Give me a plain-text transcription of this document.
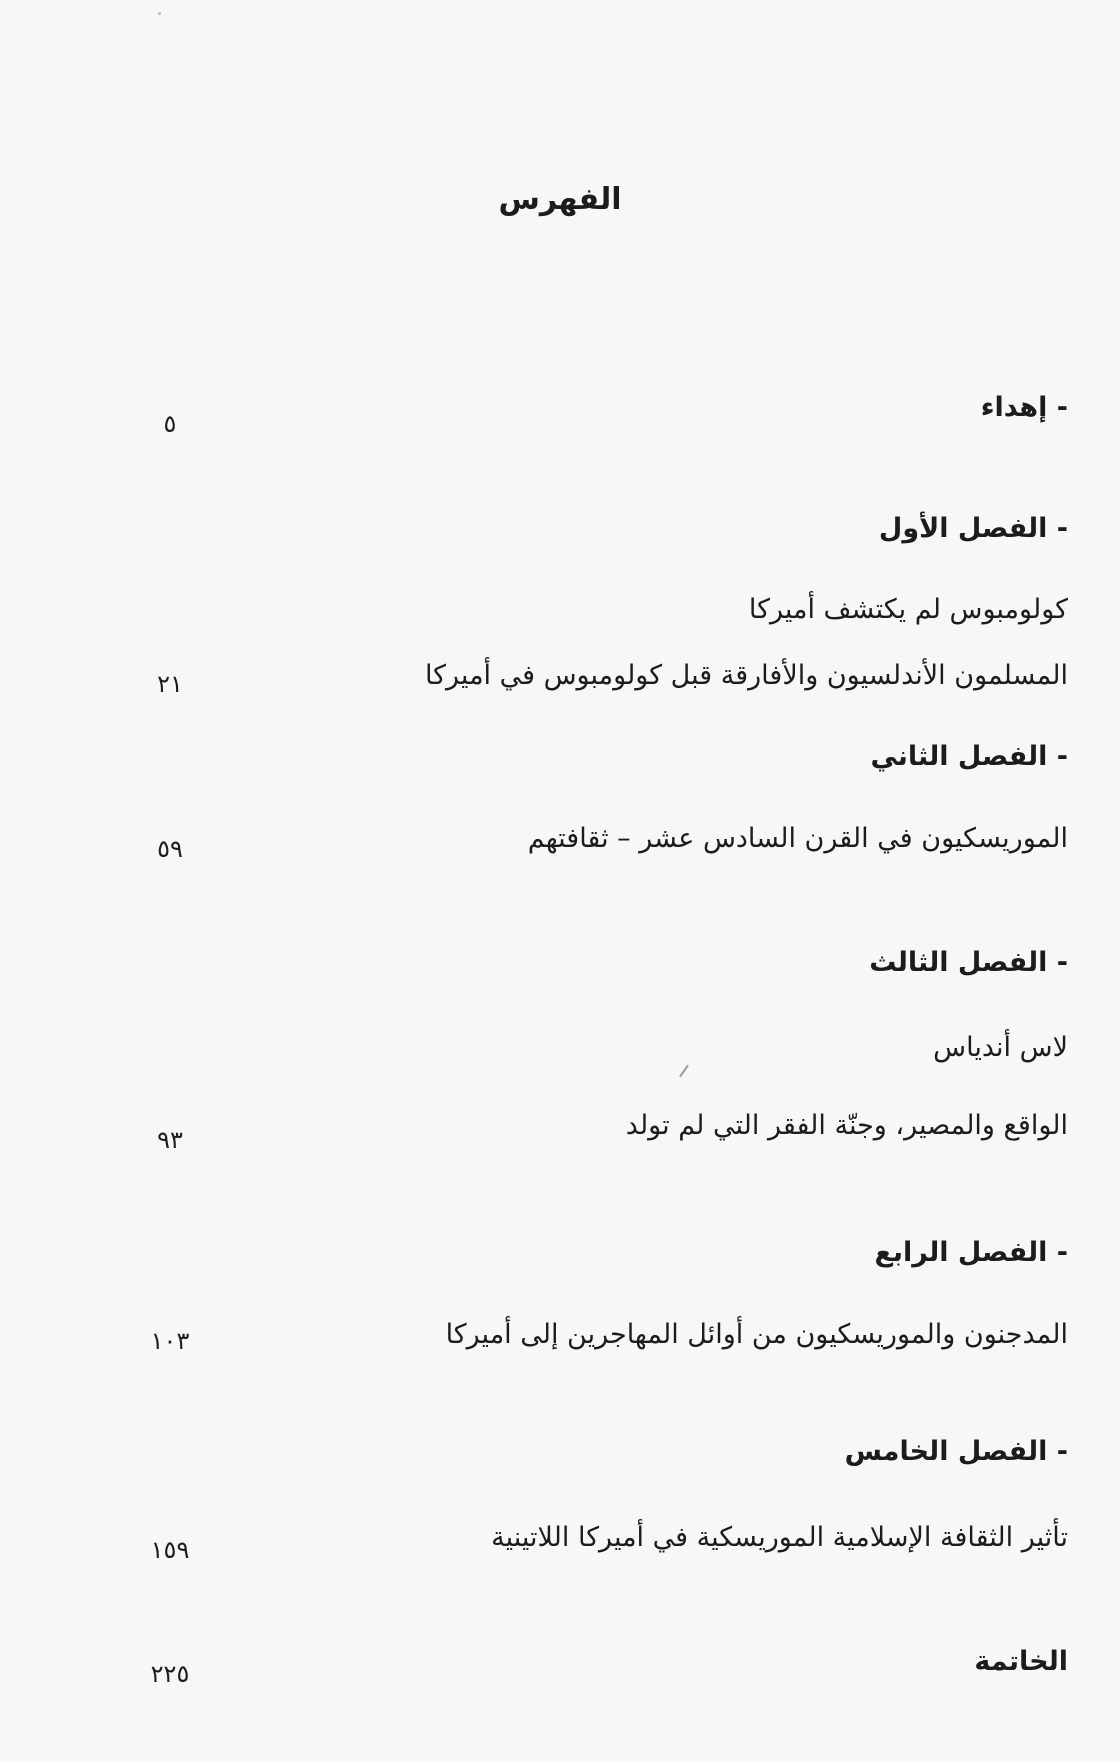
الفهرس
- إهداء
٥
- الفصل الأول
كولومبوس لم يكتشف أميركا
المسلمون الأندلسيون والأفارقة قبل كولومبوس في أميركا
٢١
- الفصل الثاني
الموريسكيون في القرن السادس عشر – ثقافتهم
٥٩
- الفصل الثالث
لاس أندياس
الواقع والمصير، وجنّة الفقر التي لم تولد
٩٣
- الفصل الرابع
المدجنون والموريسكيون من أوائل المهاجرين إلى أميركا
١٠٣
- الفصل الخامس
تأثير الثقافة الإسلامية الموريسكية في أميركا اللاتينية
١٥٩
الخاتمة
٢٢٥
